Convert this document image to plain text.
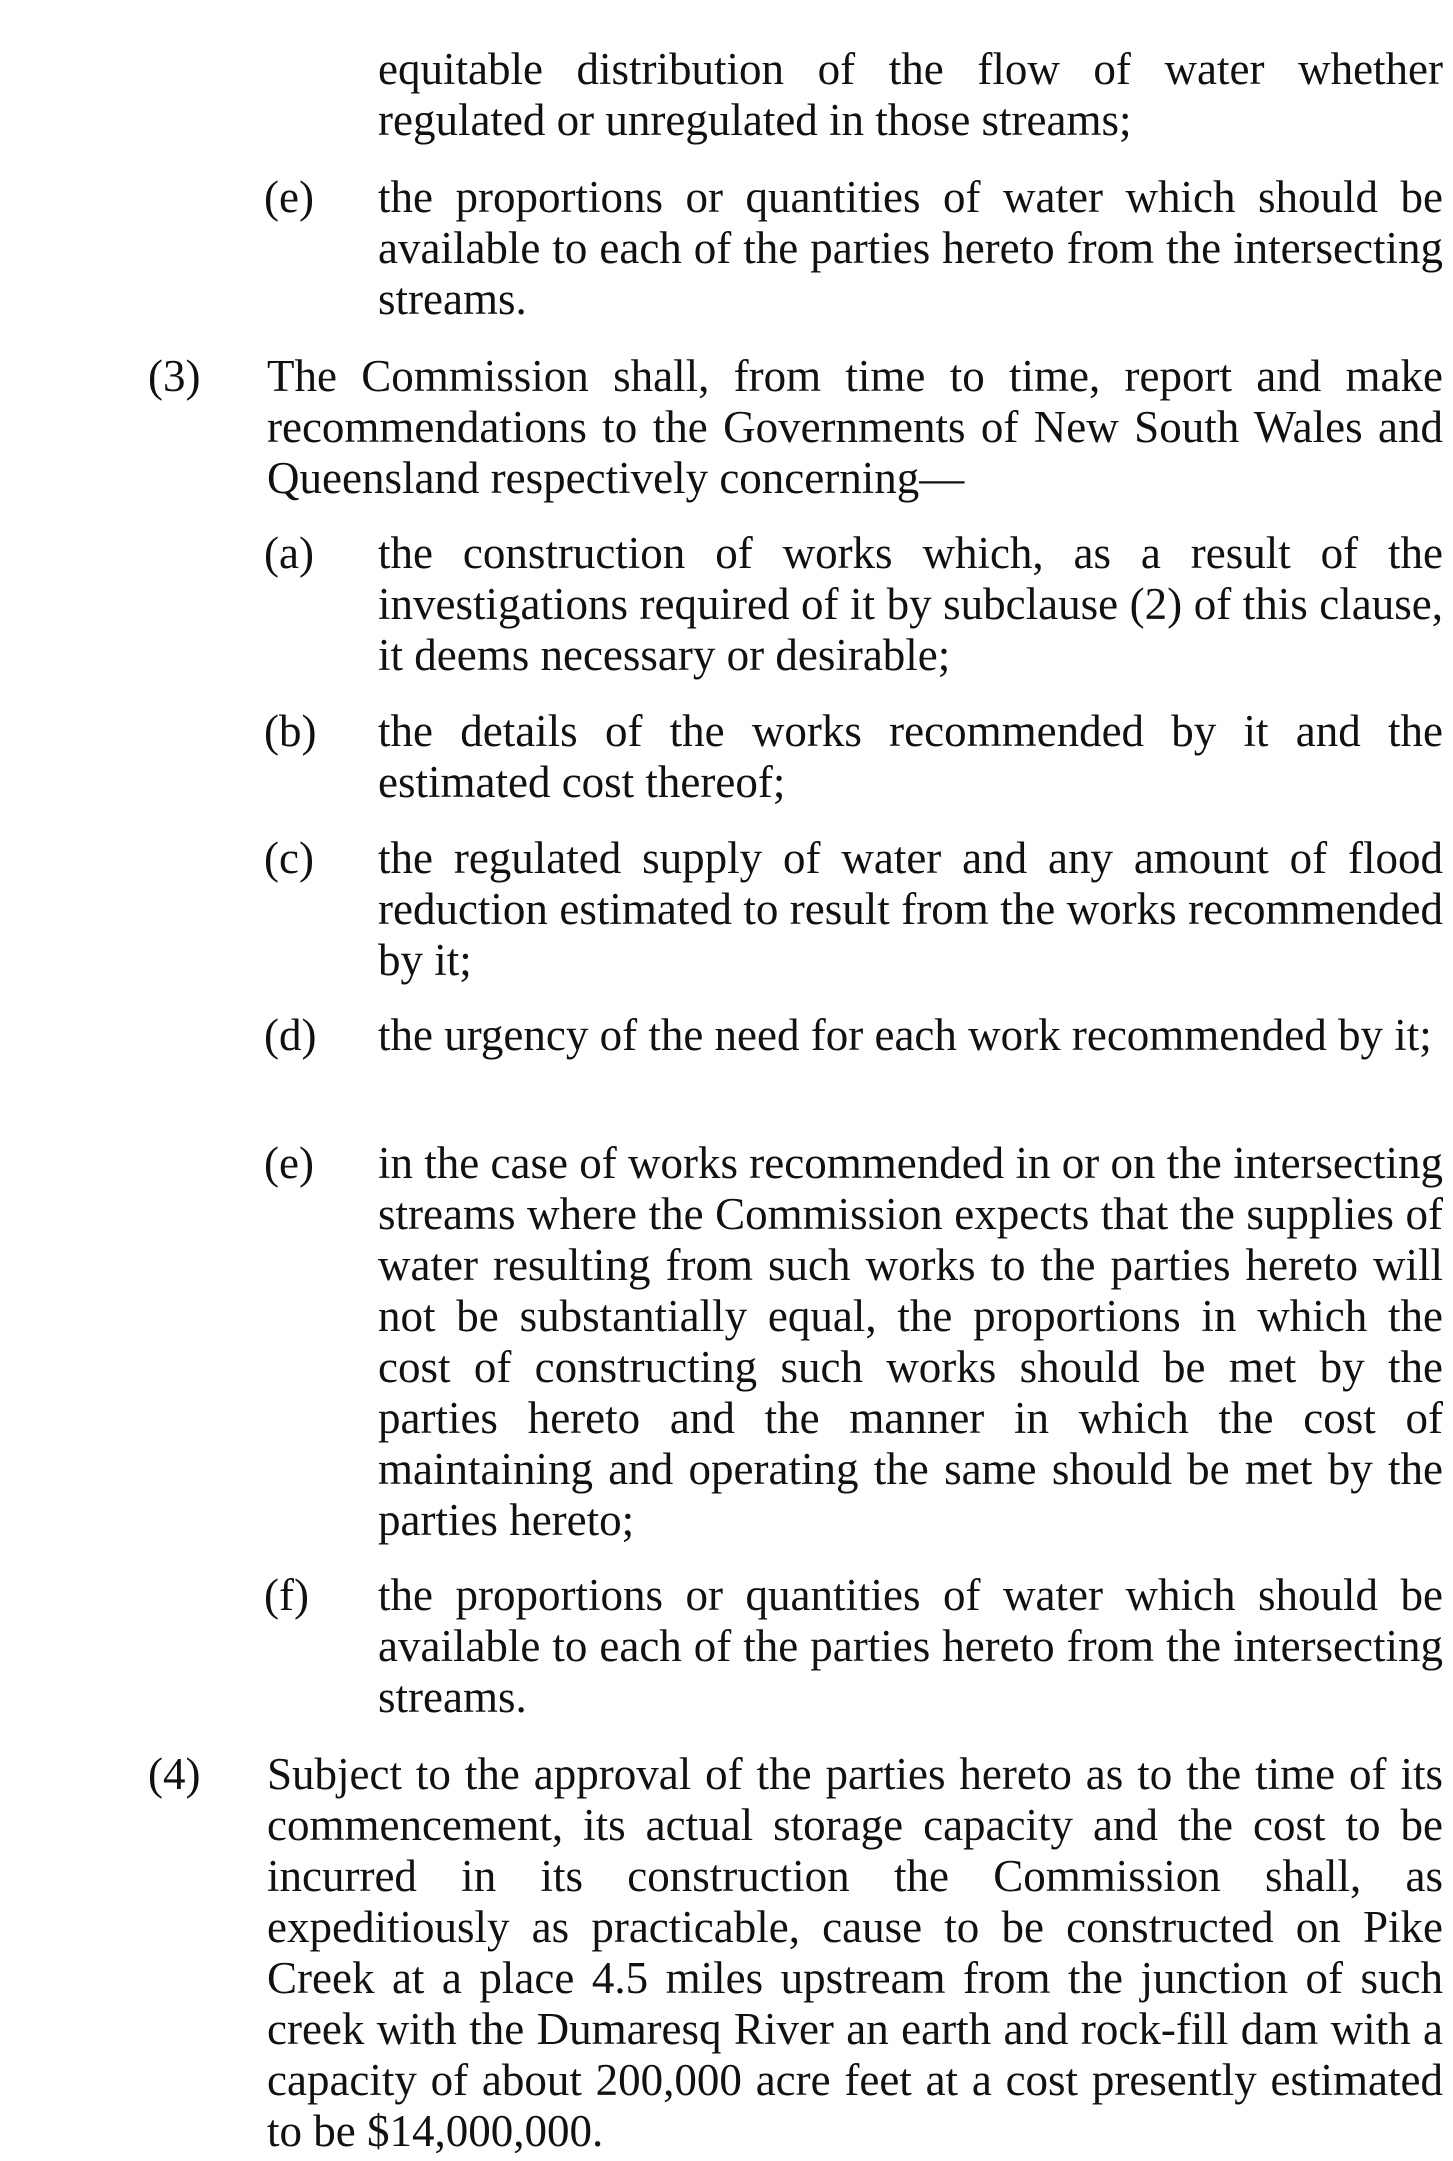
equitable distribution of the flow of water whether regulated or unregulated in those streams;
(e) the proportions or quantities of water which should be available to each of the parties hereto from the intersecting streams.
(3) The Commission shall, from time to time, report and make recommendations to the Governments of New South Wales and Queensland respectively concerning—
(a) the construction of works which, as a result of the investigations required of it by subclause (2) of this clause, it deems necessary or desirable;
(b) the details of the works recommended by it and the estimated cost thereof;
(c) the regulated supply of water and any amount of flood reduction estimated to result from the works recommended by it;
(d) the urgency of the need for each work recommended by it;
(e) in the case of works recommended in or on the intersecting streams where the Commission expects that the supplies of water resulting from such works to the parties hereto will not be substantially equal, the proportions in which the cost of constructing such works should be met by the parties hereto and the manner in which the cost of maintaining and operating the same should be met by the parties hereto;
(f) the proportions or quantities of water which should be available to each of the parties hereto from the intersecting streams.
(4) Subject to the approval of the parties hereto as to the time of its commencement, its actual storage capacity and the cost to be incurred in its construction the Commission shall, as expeditiously as practicable, cause to be constructed on Pike Creek at a place 4.5 miles upstream from the junction of such creek with the Dumaresq River an earth and rock-fill dam with a capacity of about 200,000 acre feet at a cost presently estimated to be $14,000,000.
